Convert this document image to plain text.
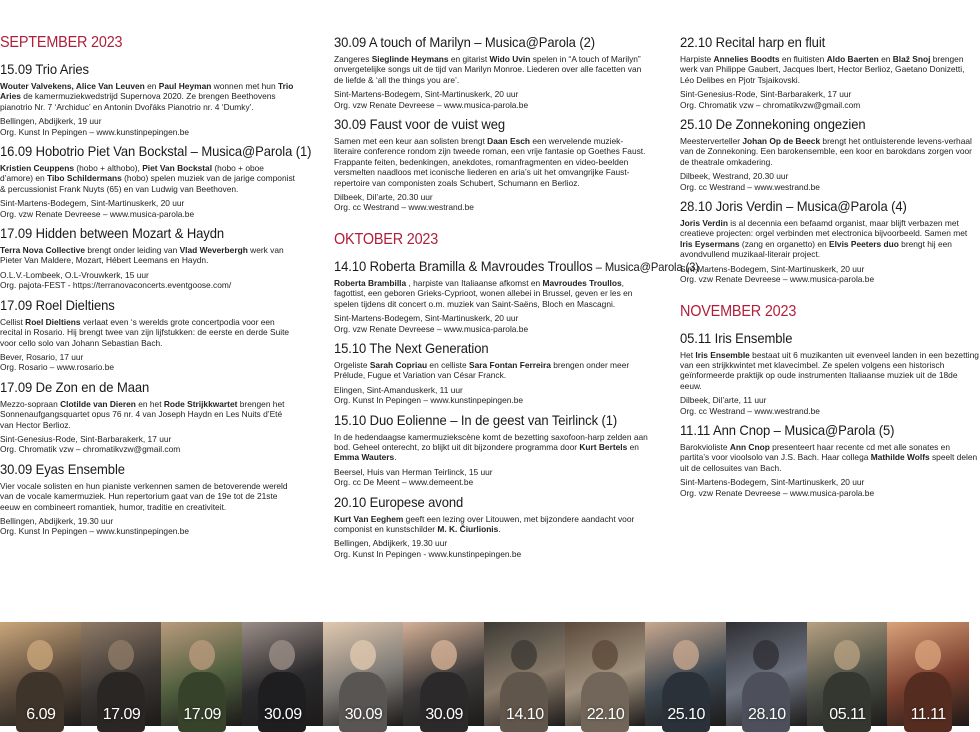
SEPTEMBER 2023
15.09 Trio Aries
Wouter Valvekens, Alice Van Leuven en Paul Heyman wonnen met hun Trio Aries de kamermuziekwedstrijd Supernova 2020. Ze brengen Beethovens pianotrio Nr. 7 ‘Archiduc’ en Antonin Dvořáks Pianotrio nr. 4 ‘Dumky’.
Bellingen, Abdijkerk, 19 uur
Org. Kunst In Pepingen – www.kunstinpepingen.be
16.09 Hobotrio Piet Van Bockstal – Musica@Parola (1)
Kristien Ceuppens (hobo + althobo), Piet Van Bockstal (hobo + oboe d’amore) en Tibo Schildermans (hobo) spelen muziek van de jarige componist & percussionist Frank Nuyts (65) en van Ludwig van Beethoven.
Sint-Martens-Bodegem, Sint-Martinuskerk, 20 uur
Org. vzw Renate Devreese – www.musica-parola.be
17.09 Hidden between Mozart & Haydn
Terra Nova Collective brengt onder leiding van Vlad Weverbergh werk van Pieter Van Maldere, Mozart, Hébert Leemans en Haydn.
O.L.V.-Lombeek, O.L-Vrouwkerk, 15 uur
Org. pajota-FEST - https://terranovaconcerts.eventgoose.com/
17.09 Roel Dieltiens
Cellist Roel Dieltiens verlaat even ‘s werelds grote concertpodia voor een recital in Rosario. Hij brengt twee van zijn lijfstukken: de eerste en derde Suite voor cello solo van Johann Sebastian Bach.
Bever, Rosario, 17 uur
Org. Rosario – www.rosario.be
17.09 De Zon en de Maan
Mezzo-sopraan Clotilde van Dieren en het Rode Strijkkwartet brengen het Sonnenaufgangsquartet opus 76 nr. 4 van Joseph Haydn en Les Nuits d’Eté van Hector Berlioz.
Sint-Genesius-Rode, Sint-Barbarakerk, 17 uur
Org. Chromatik vzw – chromatikvzw@gmail.com
30.09 Eyas Ensemble
Vier vocale solisten en hun pianiste verkennen samen de betoverende wereld van de vocale kamermuziek. Hun repertorium gaat van de 19e tot de 21ste eeuw en combineert romantiek, humor, traditie en creativiteit.
Bellingen, Abdijkerk, 19.30 uur
Org. Kunst In Pepingen – www.kunstinpepingen.be
30.09 A touch of Marilyn – Musica@Parola (2)
Zangeres Sieglinde Heymans en gitarist Wido Uvin spelen in “A touch of Marilyn” onvergetelijke songs uit de tijd van Marilyn Monroe. Liederen over alle facetten van de liefde & ‘all the things you are’.
Sint-Martens-Bodegem, Sint-Martinuskerk, 20 uur
Org. vzw Renate Devreese – www.musica-parola.be
30.09 Faust voor de vuist weg
Samen met een keur aan solisten brengt Daan Esch een wervelende muziek-literaire conference rondom zijn tweede roman, een vrije fantasie op Goethes Faust. Frappante feiten, bedenkingen, anekdotes, romanfragmenten en video-beelden versmelten naadloos met iconische liederen en aria’s uit het omvangrijke Faust-repertoire van componisten zoals Schubert, Schumann en Berlioz.
Dilbeek, Dil’arte, 20.30 uur
Org. cc Westrand – www.westrand.be
OKTOBER 2023
14.10 Roberta Bramilla & Mavroudes Troullos – Musica@Parola (3)
Roberta Brambilla , harpiste van Italiaanse afkomst en Mavroudes Troullos, fagottist, een geboren Grieks-Cyprioot, wonen allebei in Brussel, geven er les en spelen tijdens dit concert o.m. muziek van Saint-Saëns, Bloch en Mascagni.
Sint-Martens-Bodegem, Sint-Martinuskerk, 20 uur
Org. vzw Renate Devreese – www.musica-parola.be
15.10 The Next Generation
Orgeliste Sarah Copriau en celliste Sara Fontan Ferreira brengen onder meer Prélude, Fugue et Variation van César Franck.
Elingen, Sint-Amanduskerk, 11 uur
Org. Kunst In Pepingen – www.kunstinpepingen.be
15.10 Duo Eolienne – In de geest van Teirlinck (1)
In de hedendaagse kamermuziekscène komt de bezetting saxofoon-harp zelden aan bod. Geheel onterecht, zo blijkt uit dit bijzondere programma door Kurt Bertels en Emma Wauters.
Beersel, Huis van Herman Teirlinck, 15 uur
Org. cc De Meent – www.demeent.be
20.10 Europese avond
Kurt Van Eeghem geeft een lezing over Litouwen, met bijzondere aandacht voor componist en kunstschilder M. K. Čiurlionis.
Bellingen, Abdijkerk, 19.30 uur
Org. Kunst In Pepingen - www.kunstinpepingen.be
22.10 Recital harp en fluit
Harpiste Annelies Boodts en fluitisten Aldo Baerten en Blaž Snoj brengen werk van Philippe Gaubert, Jacques Ibert, Hector Berlioz, Gaetano Donizetti, Léo Delibes en Pjotr Tsjaikovski.
Sint-Genesius-Rode, Sint-Barbarakerk, 17 uur
Org. Chromatik vzw – chromatikvzw@gmail.com
25.10 De Zonnekoning ongezien
Meesterverteller Johan Op de Beeck brengt het ontluisterende levens-verhaal van de Zonnekoning. Een barokensemble, een koor en barokdans zorgen voor de theatrale omkadering.
Dilbeek, Westrand, 20.30 uur
Org. cc Westrand – www.westrand.be
28.10 Joris Verdin – Musica@Parola (4)
Joris Verdin is al decennia een befaamd organist, maar blijft verbazen met creatieve projecten: orgel verbinden met electronica bijvoorbeeld. Samen met Iris Eysermans (zang en organetto) en Elvis Peeters duo brengt hij een avondvullend muzikaal-literair project.
Sint-Martens-Bodegem, Sint-Martinuskerk, 20 uur
Org. vzw Renate Devreese – www.musica-parola.be
NOVEMBER 2023
05.11 Iris Ensemble
Het Iris Ensemble bestaat uit 6 muzikanten uit evenveel landen in een bezetting van een strijkkwintet met klavecimbel. Ze spelen volgens een historisch geïnformeerde praktijk op oude instrumenten Italiaanse muziek uit de 18de eeuw.
Dilbeek, Dil’arte, 11 uur
Org. cc Westrand – www.westrand.be
11.11 Ann Cnop – Musica@Parola (5)
Barokvioliste Ann Cnop presenteert haar recente cd met alle sonates en partita’s voor vioolsolo van J.S. Bach. Haar collega Mathilde Wolfs speelt delen uit de cellosuites van Bach.
Sint-Martens-Bodegem, Sint-Martinuskerk, 20 uur
Org. vzw Renate Devreese – www.musica-parola.be
6.09	17.09	17.09	30.09	30.09	30.09	14.10	22.10	25.10	28.10	05.11	11.11
